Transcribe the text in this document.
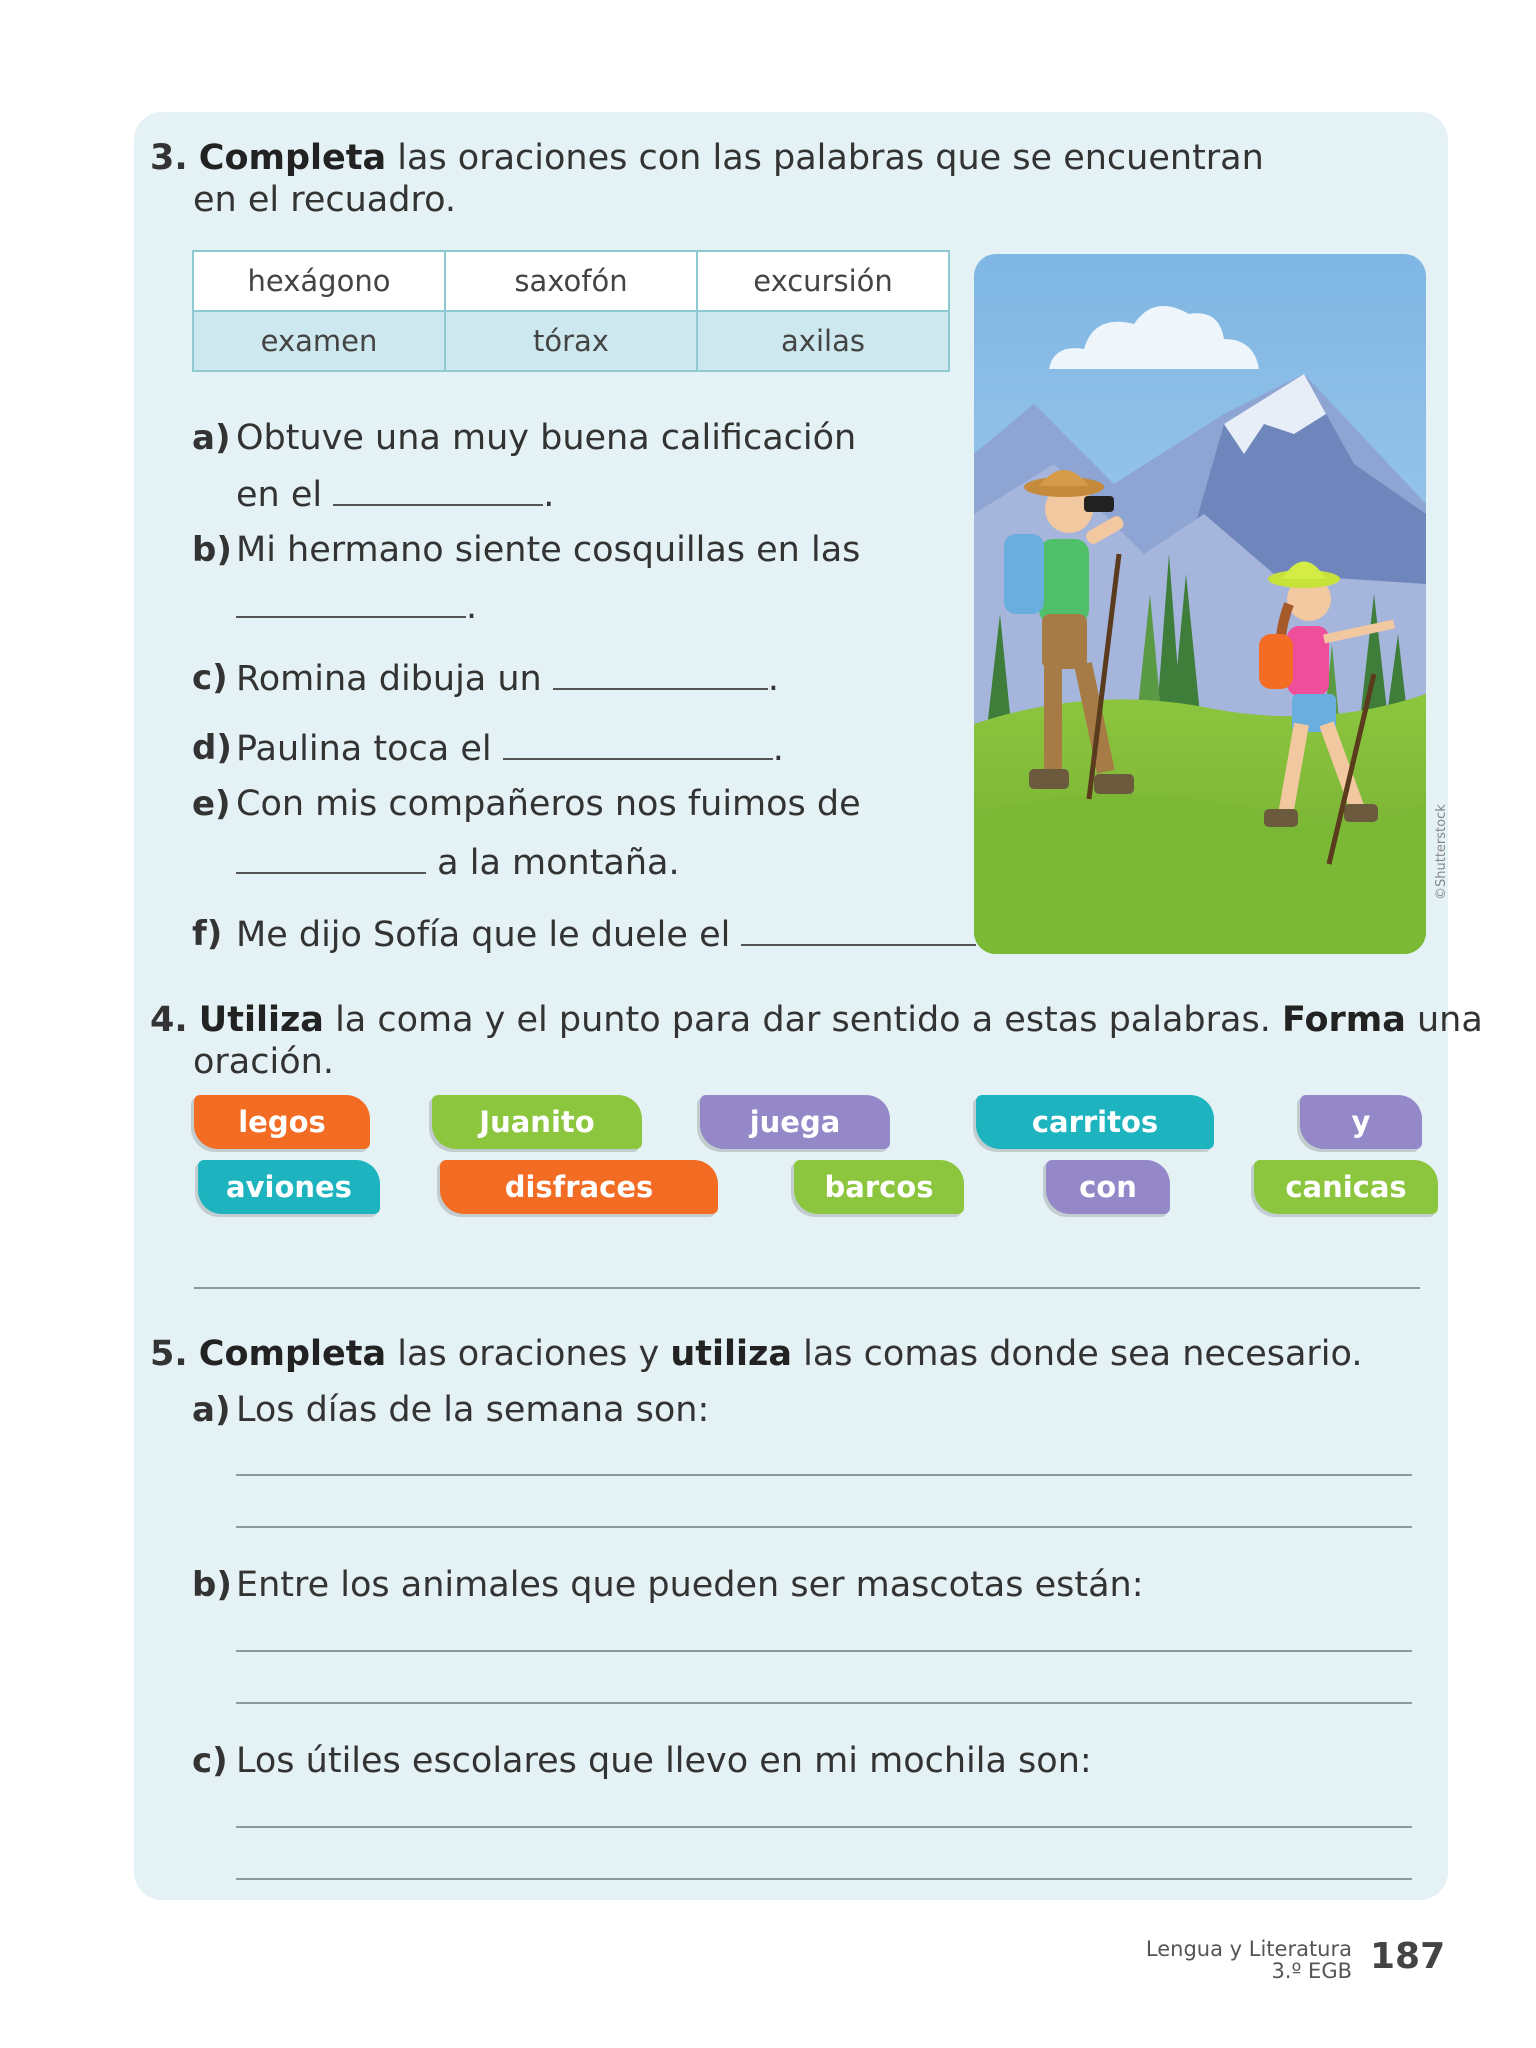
3. Completa las oraciones con las palabras que se encuentran
en el recuadro.
hexágono	saxofón	excursión
examen	tórax	axilas
a) Obtuve una muy buena calificación
en el	.
b) Mi hermano siente cosquillas en las
.
c) Romina dibuja un	.
d) Paulina toca el	.
e) Con mis compañeros nos fuimos de
a la montaña.
f) Me dijo Sofía que le duele el
©Shutterstock
4. Utiliza la coma y el punto para dar sentido a estas palabras. Forma una
oración.
legos	Juanito	juega	carritos	y
aviones	disfraces	barcos	con	canicas
5. Completa las oraciones y utiliza las comas donde sea necesario.
a) Los días de la semana son:
b) Entre los animales que pueden ser mascotas están:
c) Los útiles escolares que llevo en mi mochila son:
Lengua y Literatura
3.º EGB 187
